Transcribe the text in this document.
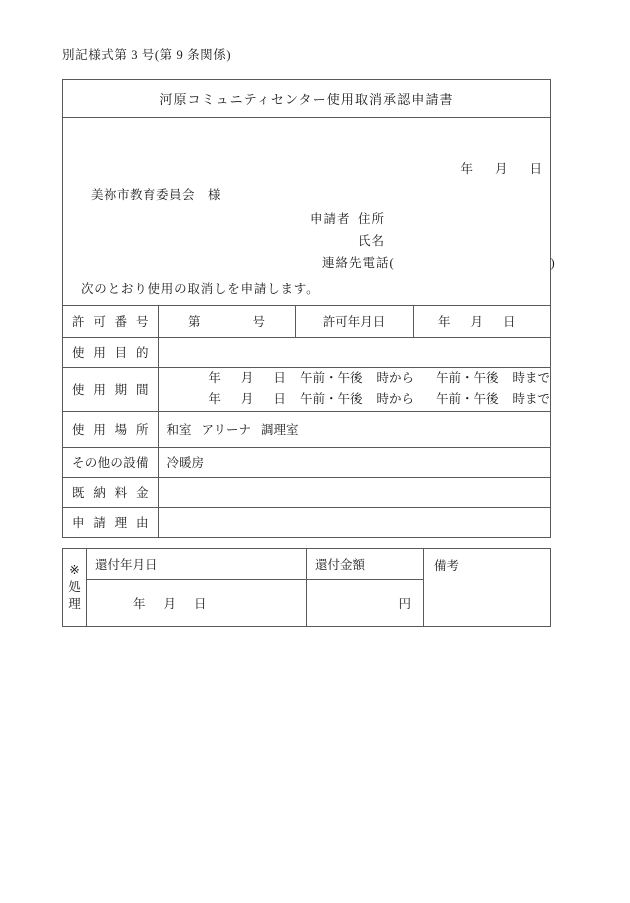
別記様式第 3 号(第 9 条関係)
河原コミュニティセンター使用取消承認申請書
年 月 日
美祢市教育委員会 様
申請者 住所
氏名
連絡先電話(	)
次のとおり使用の取消しを申請します。
許可番号	第 号	許可年月日	年 月 日

使用目的			

使用期間	年 月 日 午前・午後 時から 午前・午後 時まで
年 月 日 午前・午後 時から 午前・午後 時まで		

使用場所	和室 アリーナ 調理室		

その他の設備	冷暖房		

既納料金			

申請理由			

※
処
理	還付年月日	還付金額	備考

	年 月 日	円	
